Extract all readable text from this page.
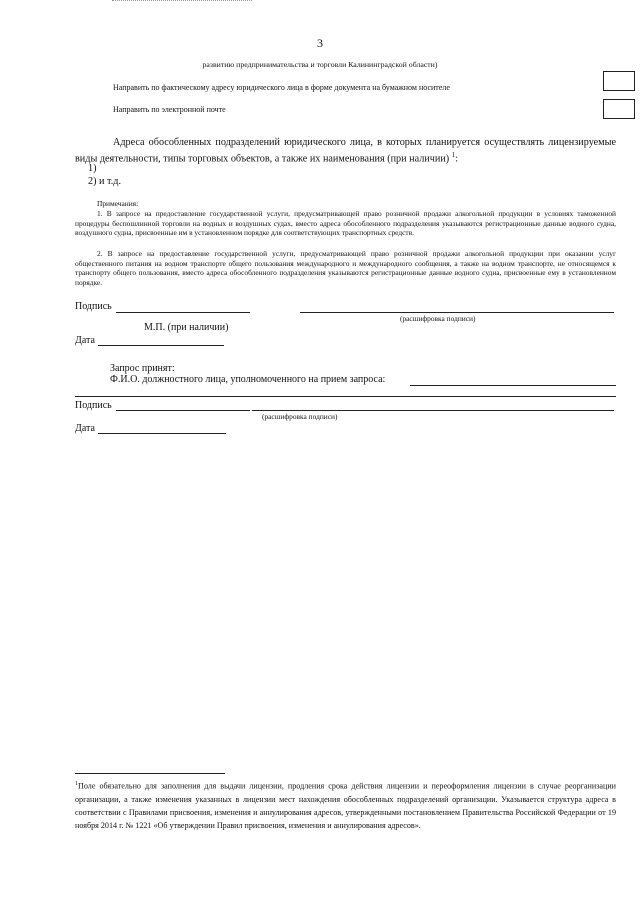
3
развитию предпринимательства и торговли Калининградской области)
Направить по фактическому адресу юридического лица в форме документа на бумажном носителе
Направить по электронной почте
Адреса обособленных подразделений юридического лица, в которых планируется осуществлять лицензируемые виды деятельности, типы торговых объектов, а также их наименования (при наличии) $^1$:
1)
2) и т.д.
Примечания:
1. В запросе на предоставление государственной услуги, предусматривающей право розничной продажи алкогольной продукции в условиях таможенной процедуры беспошлинной торговли на водных и воздушных судах, вместо адреса обособленного подразделения указываются регистрационные данные водного судна, воздушного судна, присвоенные им в установленном порядке для соответствующих транспортных средств.
2. В запросе на предоставление государственной услуги, предусматривающей право розничной продажи алкогольной продукции при оказании услуг общественного питания на водном транспорте общего пользования международного и международного сообщения, а также на водном транспорте, не относящемся к транспорту общего пользования, вместо адреса обособленного подразделения указываются регистрационные данные водного судна, присвоенные ему в установленном порядке.
Подпись
(расшифровка подписи)
М.П. (при наличии)
Дата
Запрос принят:
Ф.И.О. должностного лица, уполномоченного на прием запроса:
Подпись
(расшифровка подписи)
Дата
$^1$Поле обязательно для заполнения для выдачи лицензии, продления срока действия лицензии и переоформления лицензии в случае реорганизации организации, а также изменения указанных в лицензии мест нахождения обособленных подразделений организации. Указывается структура адреса в соответствии с Правилами присвоения, изменения и аннулирования адресов, утвержденными постановлением Правительства Российской Федерации от 19 ноября 2014 г. № 1221 «Об утверждении Правил присвоения, изменения и аннулирования адресов».
